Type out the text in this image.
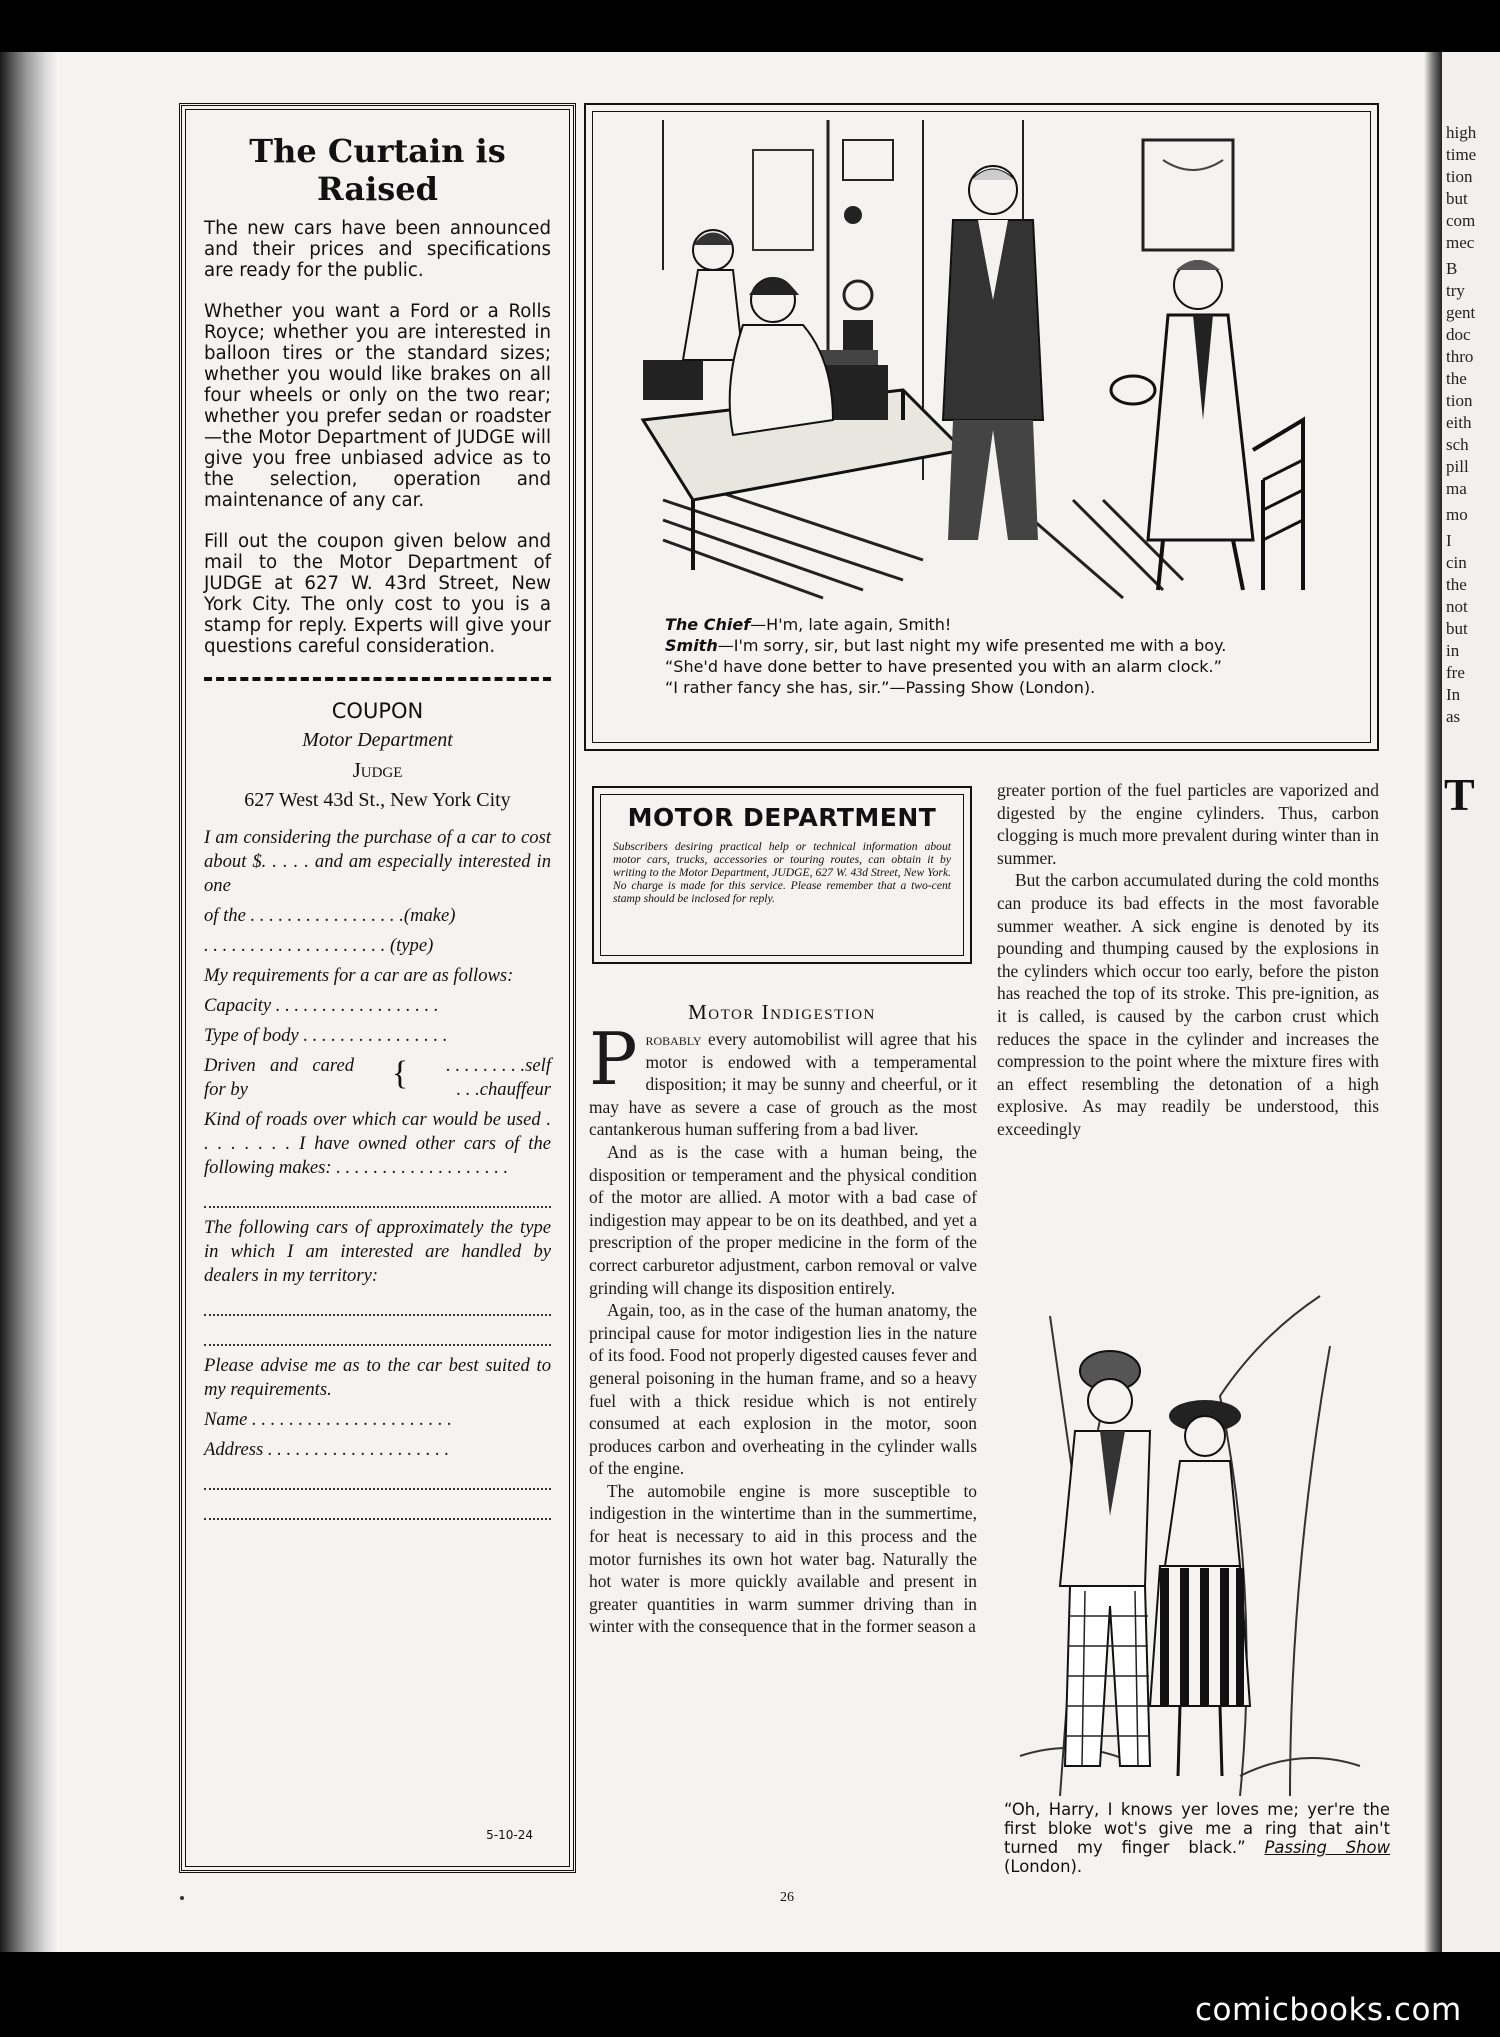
high
time
tion
but
com
mec
B
try
gent
doc
thro
the
tion
eith
sch
pill
ma
mo
I
cin
the
not
but
in
fre
In
as
T
The Curtain is Raised

The new cars have been announced and their prices and specifications are ready for the public.

Whether you want a Ford or a Rolls Royce; whether you are interested in balloon tires or the standard sizes; whether you would like brakes on all four wheels or only on the two rear; whether you prefer sedan or roadster—the Motor Department of JUDGE will give you free unbiased advice as to the selection, operation and maintenance of any car.

Fill out the coupon given below and mail to the Motor Department of JUDGE at 627 W. 43rd Street, New York City. The only cost to you is a stamp for reply. Experts will give your questions careful consideration.

COUPON
Motor Department
Judge
627 West 43d St., New York City

I am considering the purchase of a car to cost about $. . . . . and am especially interested in one

of the . . . . . . . . . . . . . . . . .(make)

. . . . . . . . . . . . . . . . . . . . (type)

My requirements for a car are as follows:

Capacity . . . . . . . . . . . . . . . . . .

Type of body . . . . . . . . . . . . . . . .

Driven and cared for by	{ . . . . . . . . .self
. . .chauffeur

Kind of roads over which car would be used . . . . . . . . I have owned other cars of the following makes: . . . . . . . . . . . . . . . . . . .

The following cars of approximately the type in which I am interested are handled by dealers in my territory:

Please advise me as to the car best suited to my requirements.

Name . . . . . . . . . . . . . . . . . . . . . .

Address . . . . . . . . . . . . . . . . . . . .

5-10-24
The Chief—H'm, late again, Smith!
Smith—I'm sorry, sir, but last night my wife presented me with a boy.
“She'd have done better to have presented you with an alarm clock.”
“I rather fancy she has, sir.”—Passing Show (London).
MOTOR DEPARTMENT
Subscribers desiring practical help or technical information about motor cars, trucks, accessories or touring routes, can obtain it by writing to the Motor Department, JUDGE, 627 W. 43d Street, New York. No charge is made for this service. Please remember that a two-cent stamp should be inclosed for reply.
Motor Indigestion

Probably every automobilist will agree that his motor is endowed with a temperamental disposition; it may be sunny and cheerful, or it may have as severe a case of grouch as the most cantankerous human suffering from a bad liver.

And as is the case with a human being, the disposition or temperament and the physical condition of the motor are allied. A motor with a bad case of indigestion may appear to be on its deathbed, and yet a prescription of the proper medicine in the form of the correct carburetor adjustment, carbon removal or valve grinding will change its disposition entirely.

Again, too, as in the case of the human anatomy, the principal cause for motor indigestion lies in the nature of its food. Food not properly digested causes fever and general poisoning in the human frame, and so a heavy fuel with a thick residue which is not entirely consumed at each explosion in the motor, soon produces carbon and overheating in the cylinder walls of the engine.

The automobile engine is more susceptible to indigestion in the wintertime than in the summertime, for heat is necessary to aid in this process and the motor furnishes its own hot water bag. Naturally the hot water is more quickly available and present in greater quantities in warm summer driving than in winter with the consequence that in the former season a

greater portion of the fuel particles are vaporized and digested by the engine cylinders. Thus, carbon clogging is much more prevalent during winter than in summer.

But the carbon accumulated during the cold months can produce its bad effects in the most favorable summer weather. A sick engine is denoted by its pounding and thumping caused by the explosions in the cylinders which occur too early, before the piston has reached the top of its stroke. This pre-ignition, as it is called, is caused by the carbon crust which reduces the space in the cylinder and increases the compression to the point where the mixture fires with an effect resembling the detonation of a high explosive. As may readily be understood, this exceedingly

“Oh, Harry, I knows yer loves me; yer're the first bloke wot's give me a ring that ain't turned my finger black.” Passing Show (London).
26
comicbooks.com
